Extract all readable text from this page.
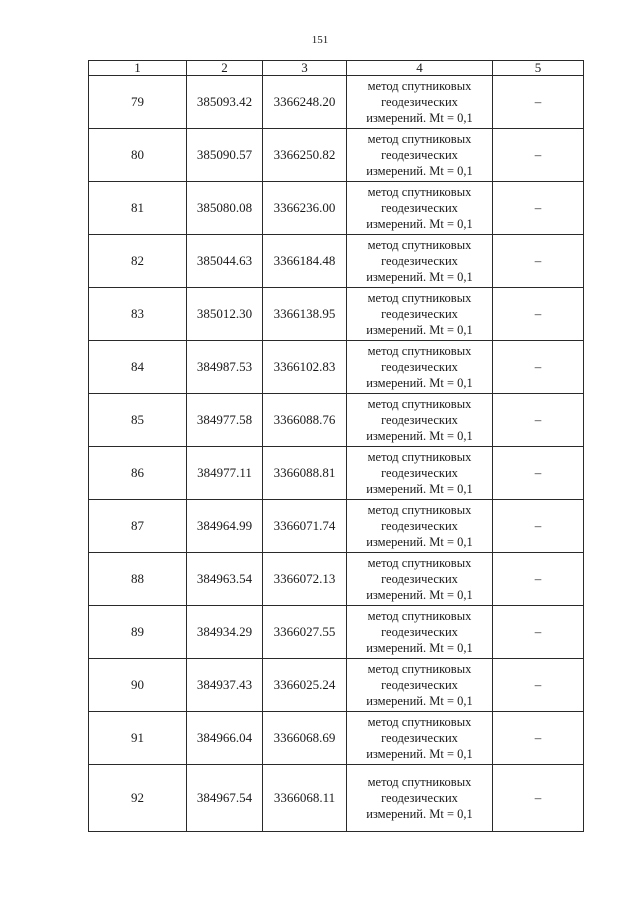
151
1	2	3	4	5
79	385093.42	3366248.20	метод спутниковых
геодезических
измерений. Mt = 0,1	–
80	385090.57	3366250.82	метод спутниковых
геодезических
измерений. Mt = 0,1	–
81	385080.08	3366236.00	метод спутниковых
геодезических
измерений. Mt = 0,1	–
82	385044.63	3366184.48	метод спутниковых
геодезических
измерений. Mt = 0,1	–
83	385012.30	3366138.95	метод спутниковых
геодезических
измерений. Mt = 0,1	–
84	384987.53	3366102.83	метод спутниковых
геодезических
измерений. Mt = 0,1	–
85	384977.58	3366088.76	метод спутниковых
геодезических
измерений. Mt = 0,1	–
86	384977.11	3366088.81	метод спутниковых
геодезических
измерений. Mt = 0,1	–
87	384964.99	3366071.74	метод спутниковых
геодезических
измерений. Mt = 0,1	–
88	384963.54	3366072.13	метод спутниковых
геодезических
измерений. Mt = 0,1	–
89	384934.29	3366027.55	метод спутниковых
геодезических
измерений. Mt = 0,1	–
90	384937.43	3366025.24	метод спутниковых
геодезических
измерений. Mt = 0,1	–
91	384966.04	3366068.69	метод спутниковых
геодезических
измерений. Mt = 0,1	–
92	384967.54	3366068.11	метод спутниковых
геодезических
измерений. Mt = 0,1	–
